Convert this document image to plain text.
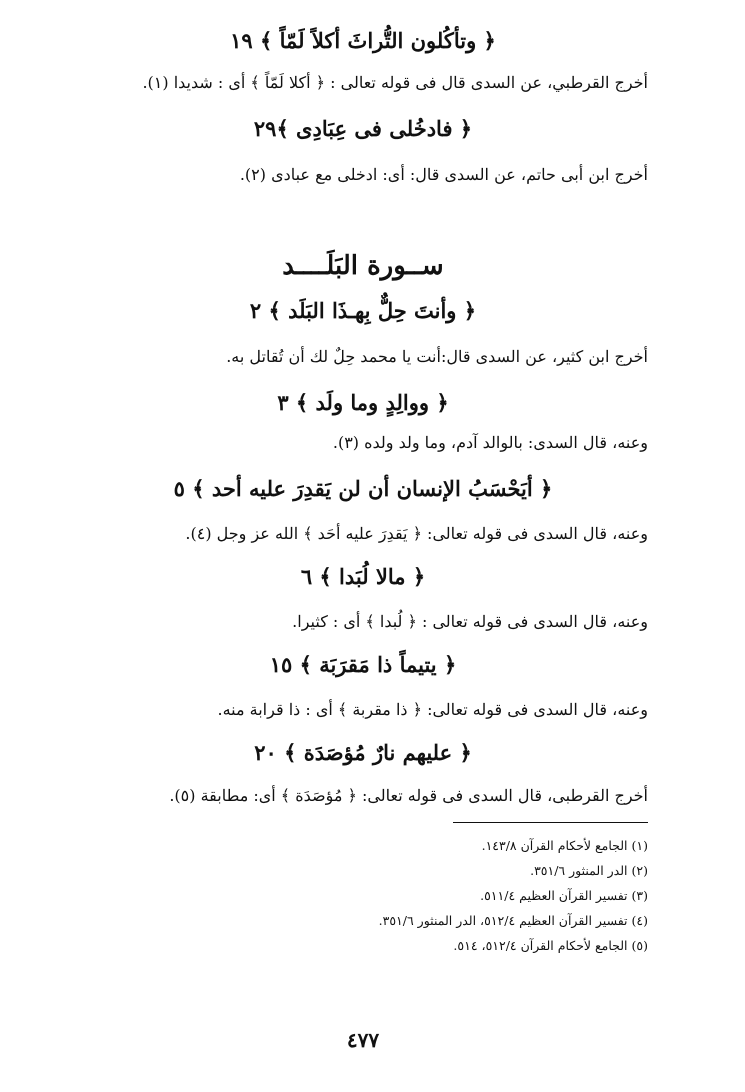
﴿ وتأكُلون التُّراثَ أكلاً لَمّاً ﴾ ١٩
أخرج القرطبي، عن السدى قال فى قوله تعالى : ﴿ أكلا لَمّاً ﴾ أى : شديدا (١).
﴿ فادخُلى فى عِبَادِى ﴾٢٩
أخرج ابن أبى حاتم، عن السدى قال: أى: ادخلى مع عبادى (٢).
ســورة البَلَــــد
﴿ وأنتَ حِلٌّ بِهـذَا البَلَد ﴾ ٢
أخرج ابن كثير، عن السدى قال:أنت يا محمد حِلٌ لك أن تُقاتل به.
﴿ ووالِدٍ وما ولَد ﴾ ٣
وعنه، قال السدى: بالوالد آدم، وما ولد ولده (٣).
﴿ أيَحْسَبُ الإنسان أن لن يَقدِرَ عليه أحد ﴾ ٥
وعنه، قال السدى فى قوله تعالى: ﴿ يَقدِرَ عليه أحَد ﴾ الله عز وجل (٤).
﴿ مالا لُبَدا ﴾ ٦
وعنه، قال السدى فى قوله تعالى : ﴿ لُبدا ﴾ أى : كثيرا.
﴿ يتيماً ذا مَقرَبَة ﴾ ١٥
وعنه، قال السدى فى قوله تعالى: ﴿ ذا مقربة ﴾ أى : ذا قرابة منه.
﴿ عليهم نارٌ مُؤصَدَة ﴾ ٢٠
أخرج القرطبى، قال السدى فى قوله تعالى: ﴿ مُؤصَدَة ﴾ أى: مطابقة (٥).
(١) الجامع لأحكام القرآن ١٤٣/٨.
(٢) الدر المنثور ٣٥١/٦.
(٣) تفسير القرآن العظيم ٥١١/٤.
(٤) تفسير القرآن العظيم ٥١٢/٤، الدر المنثور ٣٥١/٦.
(٥) الجامع لأحكام القرآن ٥١٢/٤، ٥١٤.
٤٧٧
